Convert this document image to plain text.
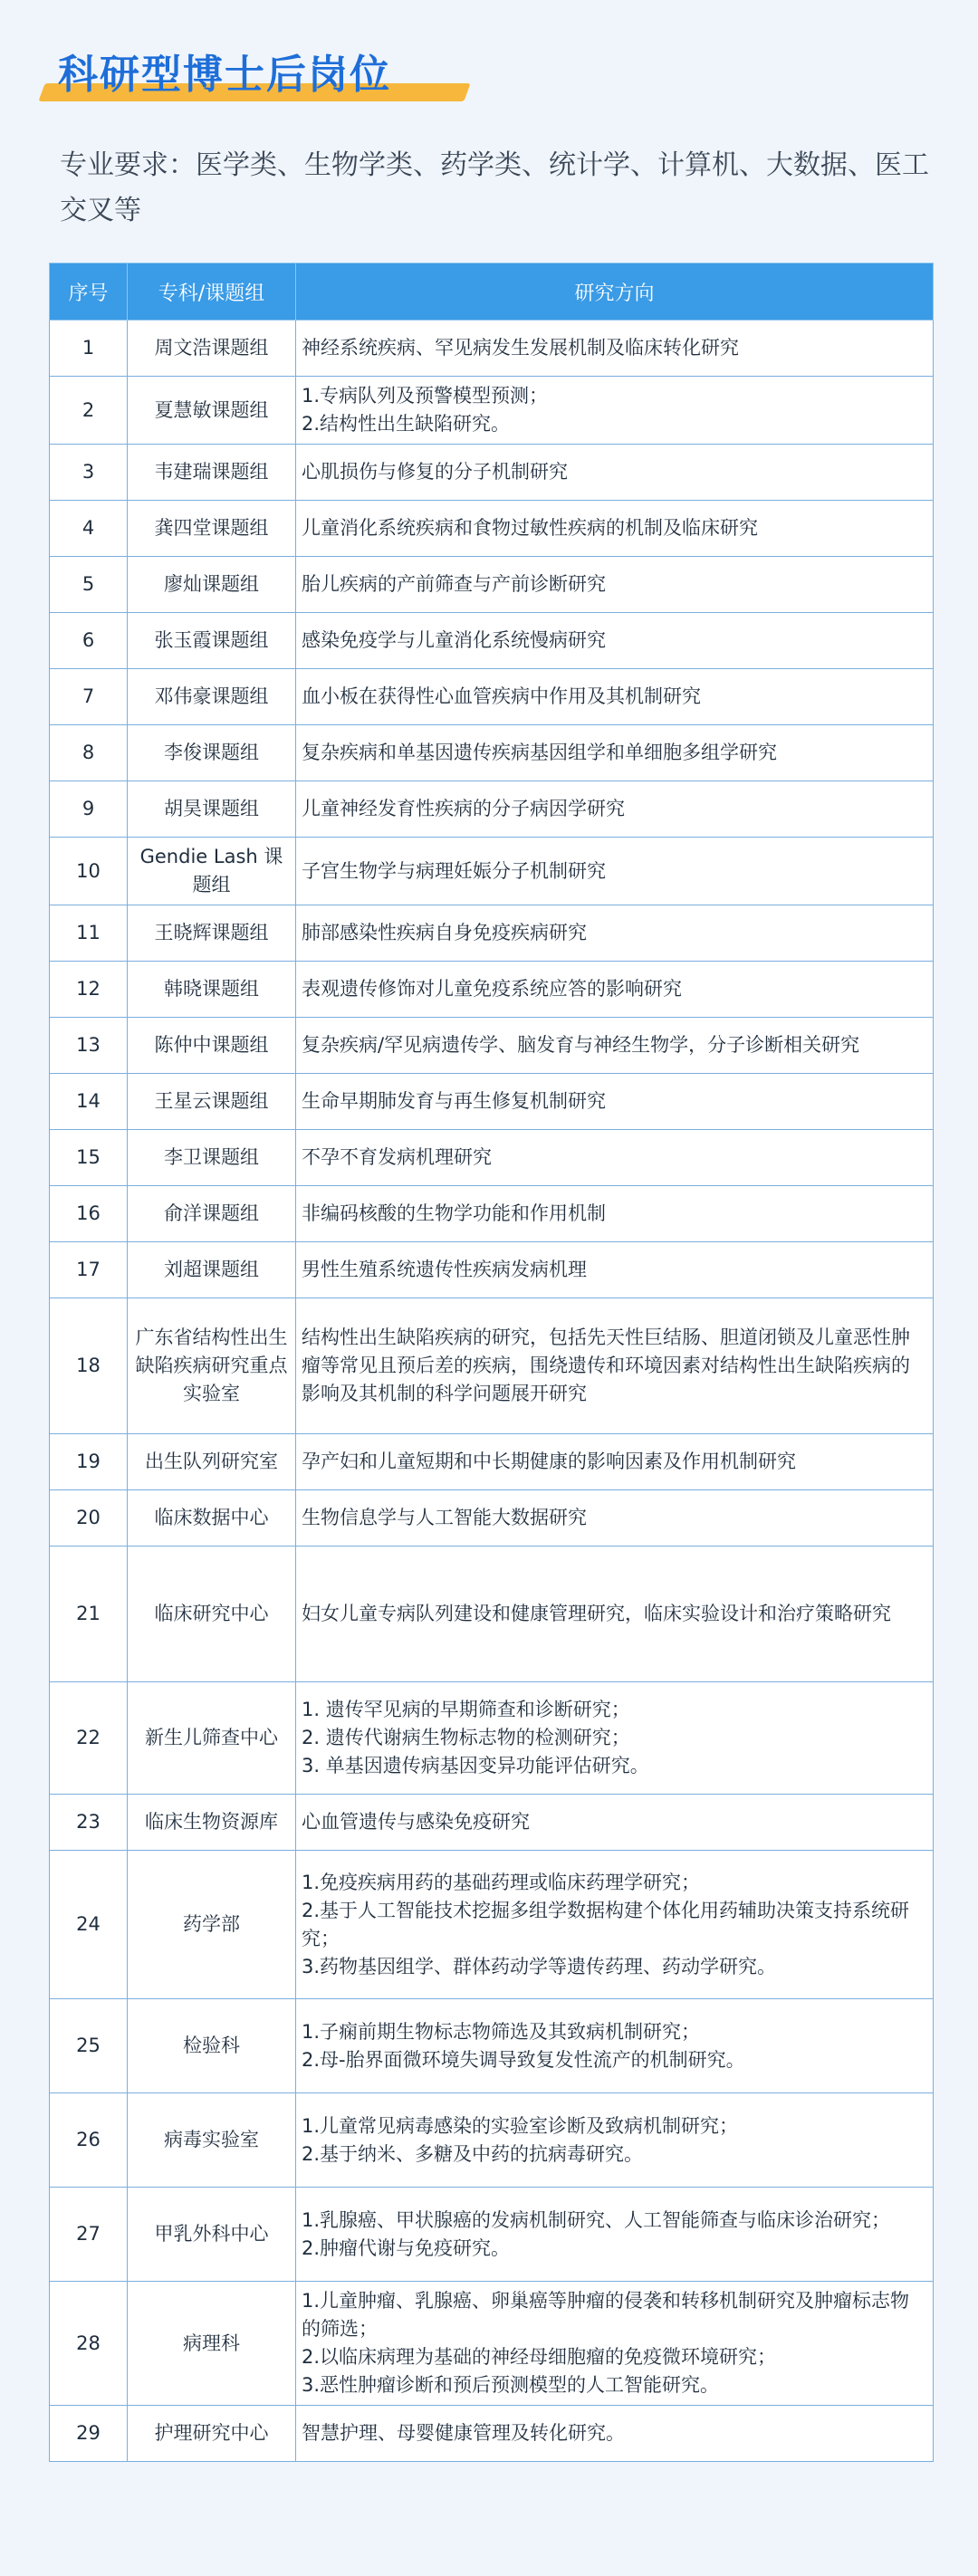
科研型博士后岗位
专业要求：医学类、生物学类、药学类、统计学、计算机、大数据、医工交叉等
序号	专科/课题组	研究方向
1	周文浩课题组	神经系统疾病、罕见病发生发展机制及临床转化研究

2	夏慧敏课题组	1.专病队列及预警模型预测；
2.结构性出生缺陷研究。

3	韦建瑞课题组	心肌损伤与修复的分子机制研究

4	龚四堂课题组	儿童消化系统疾病和食物过敏性疾病的机制及临床研究

5	廖灿课题组	胎儿疾病的产前筛查与产前诊断研究

6	张玉霞课题组	感染免疫学与儿童消化系统慢病研究

7	邓伟豪课题组	血小板在获得性心血管疾病中作用及其机制研究

8	李俊课题组	复杂疾病和单基因遗传疾病基因组学和单细胞多组学研究

9	胡昊课题组	儿童神经发育性疾病的分子病因学研究

10	Gendie Lash 课题组	子宫生物学与病理妊娠分子机制研究

11	王晓辉课题组	肺部感染性疾病自身免疫疾病研究

12	韩晓课题组	表观遗传修饰对儿童免疫系统应答的影响研究

13	陈仲中课题组	复杂疾病/罕见病遗传学、脑发育与神经生物学，分子诊断相关研究

14	王星云课题组	生命早期肺发育与再生修复机制研究

15	李卫课题组	不孕不育发病机理研究

16	俞洋课题组	非编码核酸的生物学功能和作用机制

17	刘超课题组	男性生殖系统遗传性疾病发病机理

18	广东省结构性出生缺陷疾病研究重点实验室	结构性出生缺陷疾病的研究，包括先天性巨结肠、胆道闭锁及儿童恶性肿瘤等常见且预后差的疾病，围绕遗传和环境因素对结构性出生缺陷疾病的影响及其机制的科学问题展开研究

19	出生队列研究室	孕产妇和儿童短期和中长期健康的影响因素及作用机制研究

20	临床数据中心	生物信息学与人工智能大数据研究

21	临床研究中心	妇女儿童专病队列建设和健康管理研究，临床实验设计和治疗策略研究

22	新生儿筛查中心	1. 遗传罕见病的早期筛查和诊断研究；
2. 遗传代谢病生物标志物的检测研究；
3. 单基因遗传病基因变异功能评估研究。

23	临床生物资源库	心血管遗传与感染免疫研究

24	药学部	1.免疫疾病用药的基础药理或临床药理学研究；
2.基于人工智能技术挖掘多组学数据构建个体化用药辅助决策支持系统研究；
3.药物基因组学、群体药动学等遗传药理、药动学研究。

25	检验科	1.子痫前期生物标志物筛选及其致病机制研究；
2.母-胎界面微环境失调导致复发性流产的机制研究。

26	病毒实验室	1.儿童常见病毒感染的实验室诊断及致病机制研究；
2.基于纳米、多糖及中药的抗病毒研究。

27	甲乳外科中心	1.乳腺癌、甲状腺癌的发病机制研究、人工智能筛查与临床诊治研究；
2.肿瘤代谢与免疫研究。

28	病理科	1.儿童肿瘤、乳腺癌、卵巢癌等肿瘤的侵袭和转移机制研究及肿瘤标志物的筛选；
2.以临床病理为基础的神经母细胞瘤的免疫微环境研究；
3.恶性肿瘤诊断和预后预测模型的人工智能研究。

29	护理研究中心	智慧护理、母婴健康管理及转化研究。
